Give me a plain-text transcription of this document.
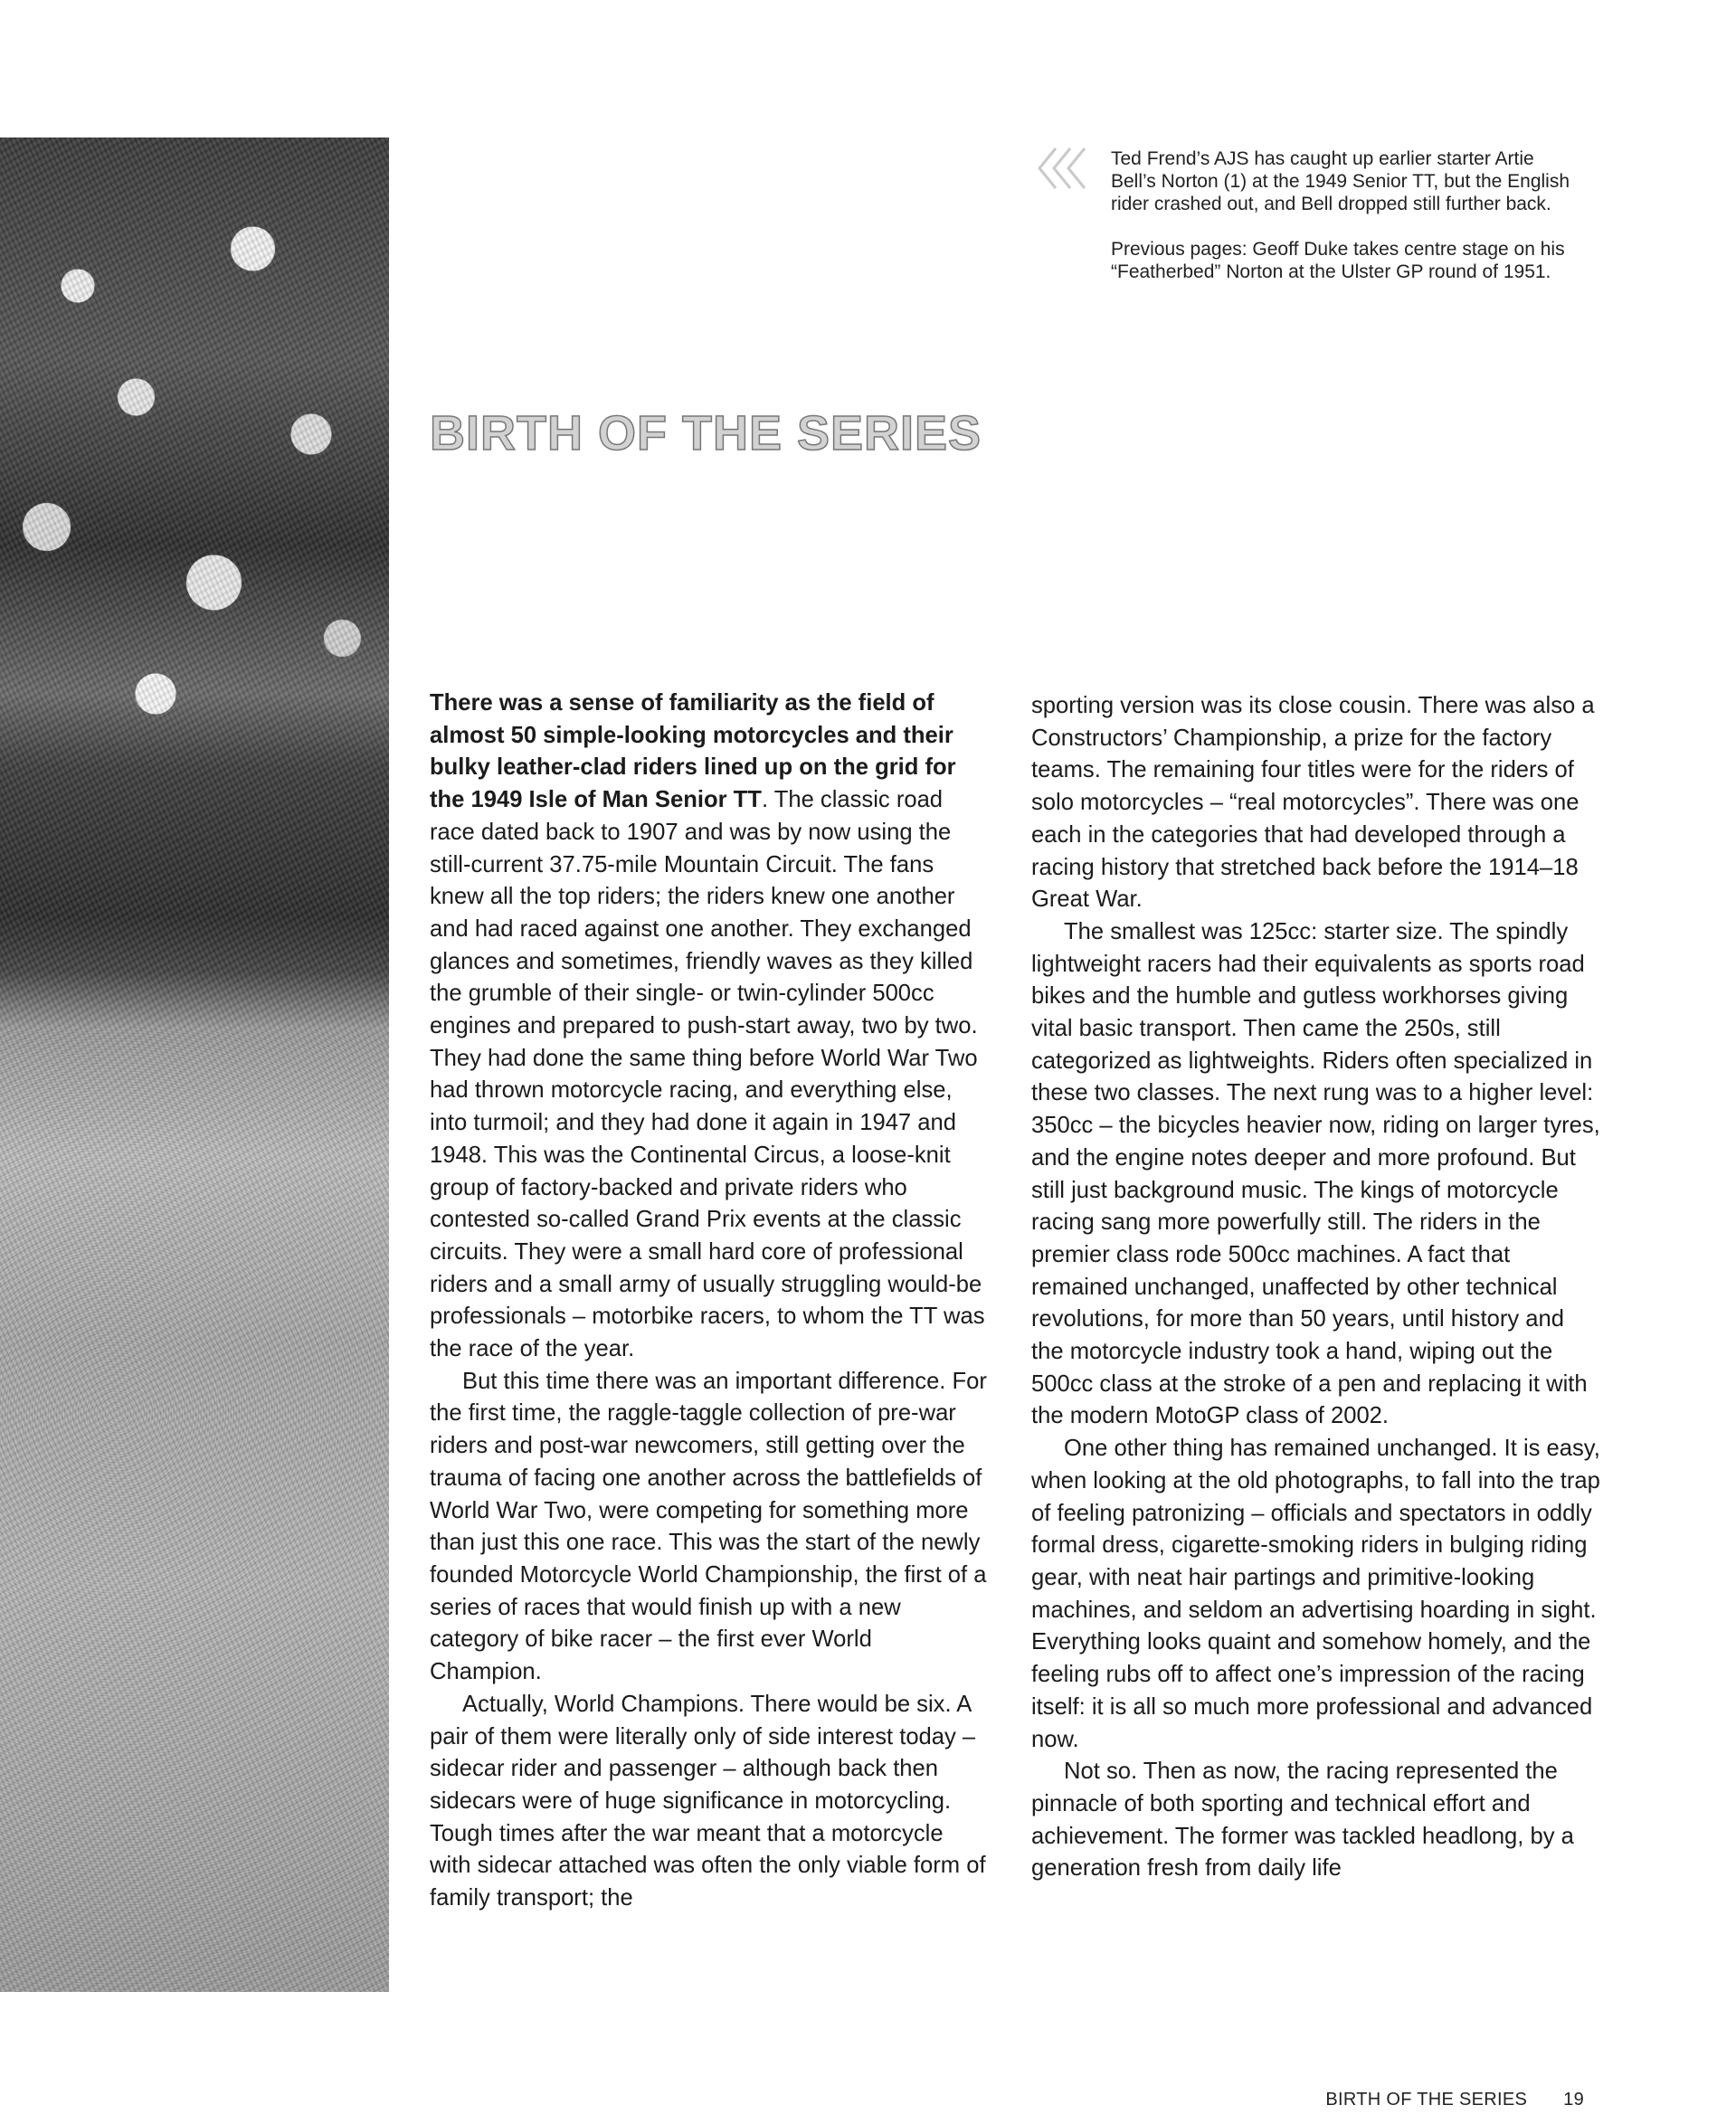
Ted Frend’s AJS has caught up earlier starter Artie Bell’s Norton (1) at the 1949 Senior TT, but the English rider crashed out, and Bell dropped still further back.

Previous pages: Geoff Duke takes centre stage on his “Featherbed” Norton at the Ulster GP round of 1951.

BIRTH OF THE SERIES

There was a sense of familiarity as the field of almost 50 simple-looking motorcycles and their bulky leather-clad riders lined up on the grid for the 1949 Isle of Man Senior TT. The classic road race dated back to 1907 and was by now using the still-current 37.75-mile Mountain Circuit. The fans knew all the top riders; the riders knew one another and had raced against one another. They exchanged glances and sometimes, friendly waves as they killed the grumble of their single- or twin-cylinder 500cc engines and prepared to push-start away, two by two. They had done the same thing before World War Two had thrown motorcycle racing, and everything else, into turmoil; and they had done it again in 1947 and 1948. This was the Continental Circus, a loose-knit group of factory-backed and private riders who contested so-called Grand Prix events at the classic circuits. They were a small hard core of professional riders and a small army of usually struggling would-be professionals – motorbike racers, to whom the TT was the race of the year.

But this time there was an important difference. For the first time, the raggle-taggle collection of pre-war riders and post-war newcomers, still getting over the trauma of facing one another across the battlefields of World War Two, were competing for something more than just this one race. This was the start of the newly founded Motorcycle World Championship, the first of a series of races that would finish up with a new category of bike racer – the first ever World Champion.

Actually, World Champions. There would be six. A pair of them were literally only of side interest today – sidecar rider and passenger – although back then sidecars were of huge significance in motorcycling. Tough times after the war meant that a motorcycle with sidecar attached was often the only viable form of family transport; the

sporting version was its close cousin. There was also a Constructors’ Championship, a prize for the factory teams. The remaining four titles were for the riders of solo motorcycles – “real motorcycles”. There was one each in the categories that had developed through a racing history that stretched back before the 1914–18 Great War.

The smallest was 125cc: starter size. The spindly lightweight racers had their equivalents as sports road bikes and the humble and gutless workhorses giving vital basic transport. Then came the 250s, still categorized as lightweights. Riders often specialized in these two classes. The next rung was to a higher level: 350cc – the bicycles heavier now, riding on larger tyres, and the engine notes deeper and more profound. But still just background music. The kings of motorcycle racing sang more powerfully still. The riders in the premier class rode 500cc machines. A fact that remained unchanged, unaffected by other technical revolutions, for more than 50 years, until history and the motorcycle industry took a hand, wiping out the 500cc class at the stroke of a pen and replacing it with the modern MotoGP class of 2002.

One other thing has remained unchanged. It is easy, when looking at the old photographs, to fall into the trap of feeling patronizing – officials and spectators in oddly formal dress, cigarette-smoking riders in bulging riding gear, with neat hair partings and primitive-looking machines, and seldom an advertising hoarding in sight. Everything looks quaint and somehow homely, and the feeling rubs off to affect one’s impression of the racing itself: it is all so much more professional and advanced now.

Not so. Then as now, the racing represented the pinnacle of both sporting and technical effort and achievement. The former was tackled headlong, by a generation fresh from daily life

BIRTH OF THE SERIES 19
